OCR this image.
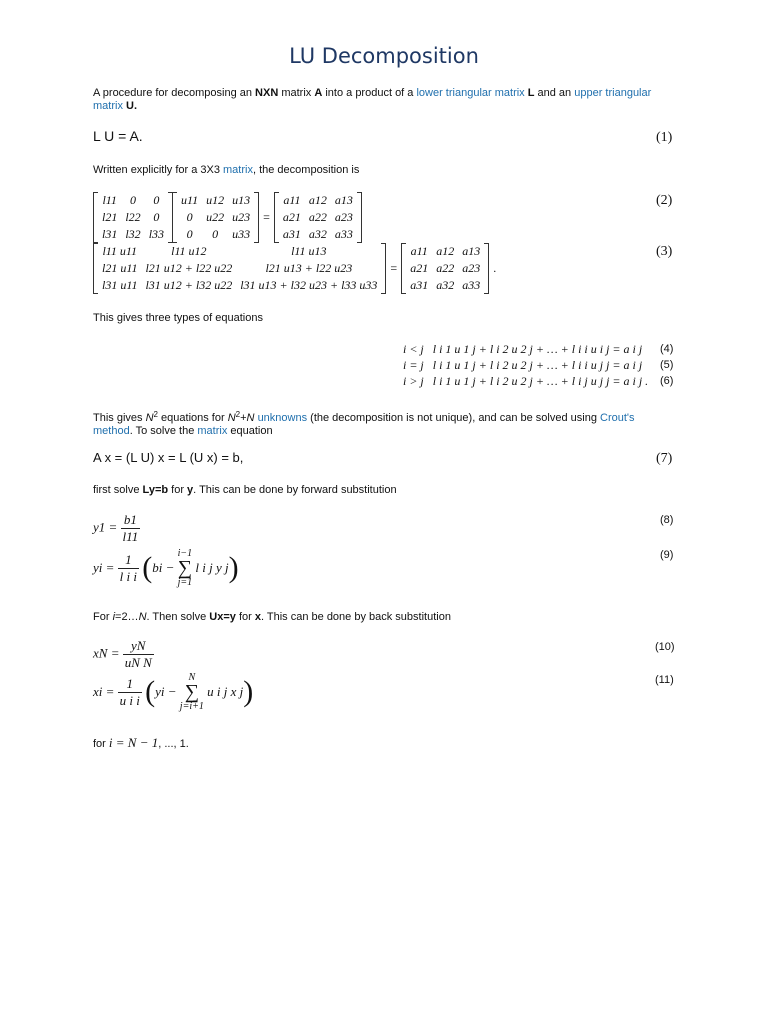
LU Decomposition
A procedure for decomposing an NXN matrix A into a product of a lower triangular matrix L and an upper triangular matrix U.
L U = A.	(1)
Written explicitly for a 3X3 matrix, the decomposition is
l11	0	0
l21	l22	0
l31	l32	l33

u11	u12	u13
0	u22	u23
0	0	u33
	=	
a11	a12	a13
a21	a22	a23
a31	a32	a33
(2)
l11 u11	l11 u12	l11 u13
l21 u11	l21 u12 + l22 u22	l21 u13 + l22 u23
l31 u11	l31 u12 + l32 u22	l31 u13 + l32 u23 + l33 u33
	=	
a11	a12	a13
a21	a22	a23
a31	a32	a33
	.
(3)
This gives three types of equations
i < j l i 1 u 1 j + l i 2 u 2 j + … + l i i u i j = a i j
i = j l i 1 u 1 j + l i 2 u 2 j + … + l i i u j j = a i j
i > j l i 1 u 1 j + l i 2 u 2 j + … + l i j u j j = a i j .
(4)
(5)
(6)
This gives $N^2$ equations for $N^2+N$ unknowns (the decomposition is not unique), and can be solved using Crout's method. To solve the matrix equation
A x = (L U) x = L (U x) = b,	(7)
first solve Ly=b for y. This can be done by forward substitution
$y1 = \frac{b1}{l11}$	(8)
yi = $\frac{1}{\text{l i i}} (bi$ −
i−1
∑
j=1
l i j y j)	(9)
For i=2…N. Then solve Ux=y for x. This can be done by back substitution
xN = $\frac{yN}{\text{uN N}}$	(10)
xi = $\frac{1}{\text{u i i}} (yi$ −
N
∑
j=i+1
u i j x j)	(11)
for i = N − 1, ..., 1.
